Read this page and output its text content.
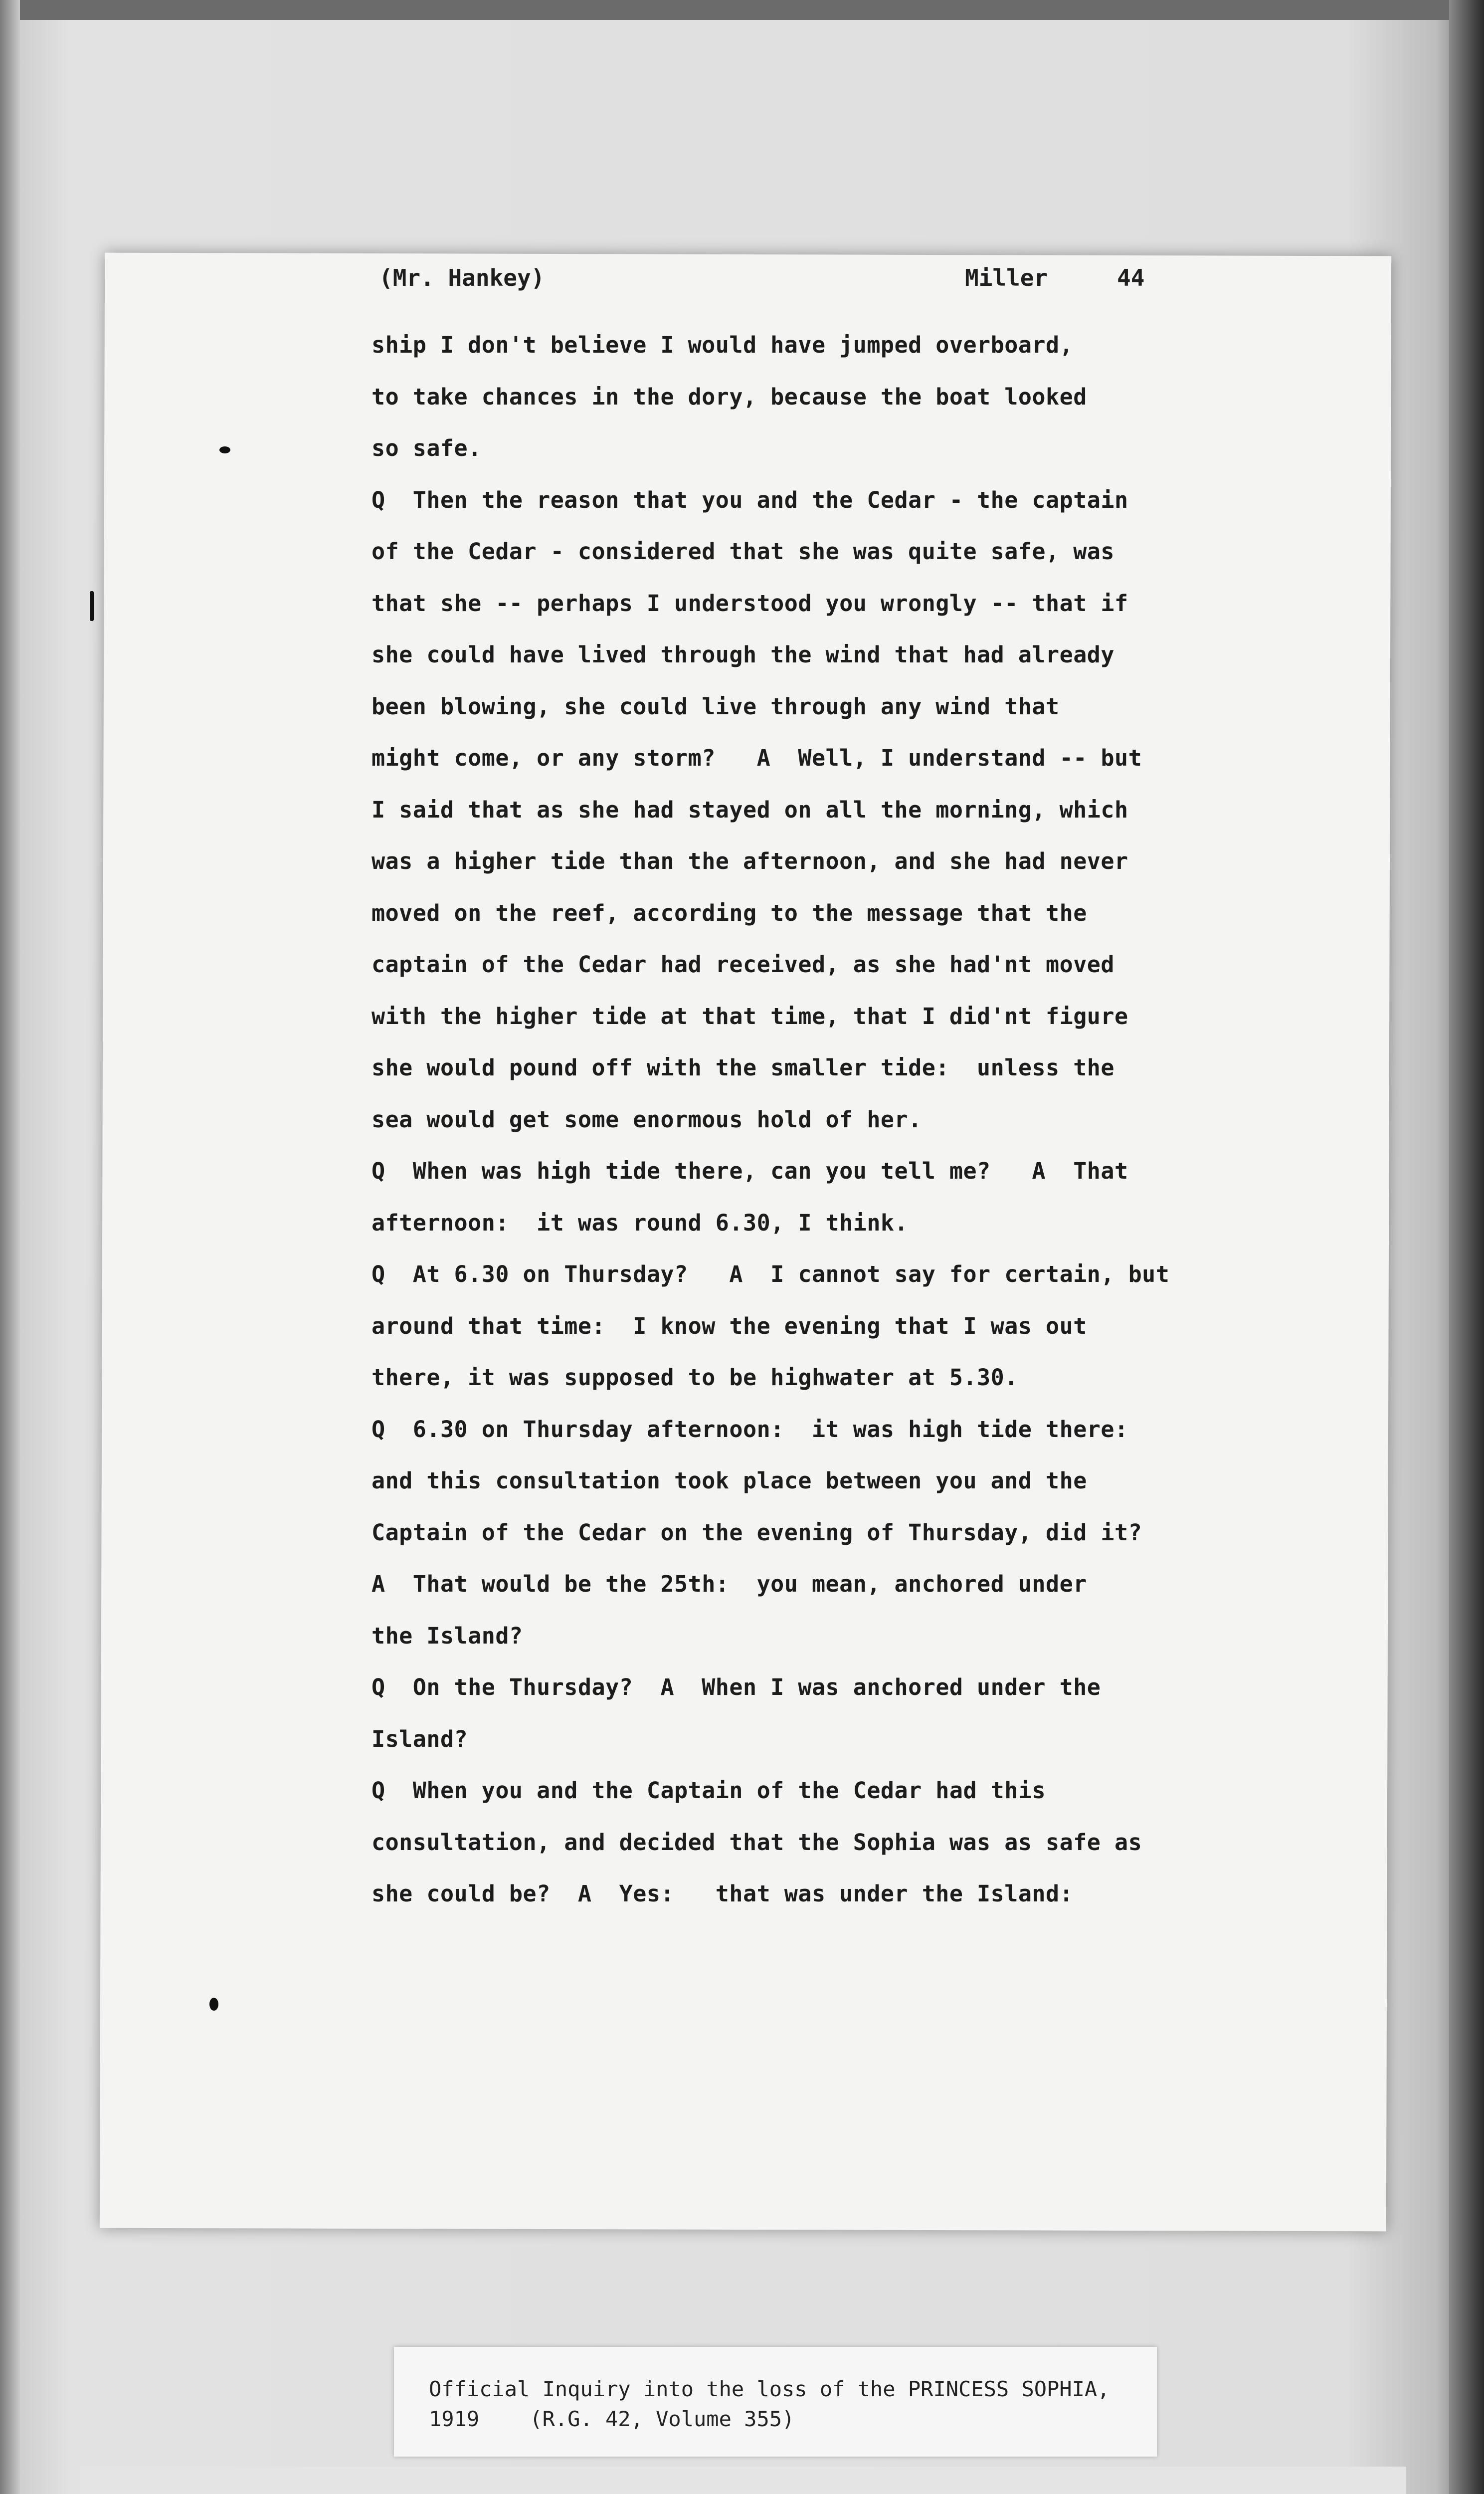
(Mr. Hankey)	Miller	44
ship I don't believe I would have jumped overboard,
to take chances in the dory, because the boat looked
so safe.
Q  Then the reason that you and the Cedar - the captain
of the Cedar - considered that she was quite safe, was
that she -- perhaps I understood you wrongly -- that if
she could have lived through the wind that had already
been blowing, she could live through any wind that
might come, or any storm?   A  Well, I understand -- but
I said that as she had stayed on all the morning, which
was a higher tide than the afternoon, and she had never
moved on the reef, according to the message that the
captain of the Cedar had received, as she had'nt moved
with the higher tide at that time, that I did'nt figure
she would pound off with the smaller tide:  unless the
sea would get some enormous hold of her.
Q  When was high tide there, can you tell me?   A  That
afternoon:  it was round 6.30, I think.
Q  At 6.30 on Thursday?   A  I cannot say for certain, but
around that time:  I know the evening that I was out
there, it was supposed to be highwater at 5.30.
Q  6.30 on Thursday afternoon:  it was high tide there:
and this consultation took place between you and the
Captain of the Cedar on the evening of Thursday, did it?
A  That would be the 25th:  you mean, anchored under
the Island?
Q  On the Thursday?  A  When I was anchored under the
Island?
Q  When you and the Captain of the Cedar had this
consultation, and decided that the Sophia was as safe as
she could be?  A  Yes:   that was under the Island:
Official Inquiry into the loss of the PRINCESS SOPHIA,
1919    (R.G. 42, Volume 355)
